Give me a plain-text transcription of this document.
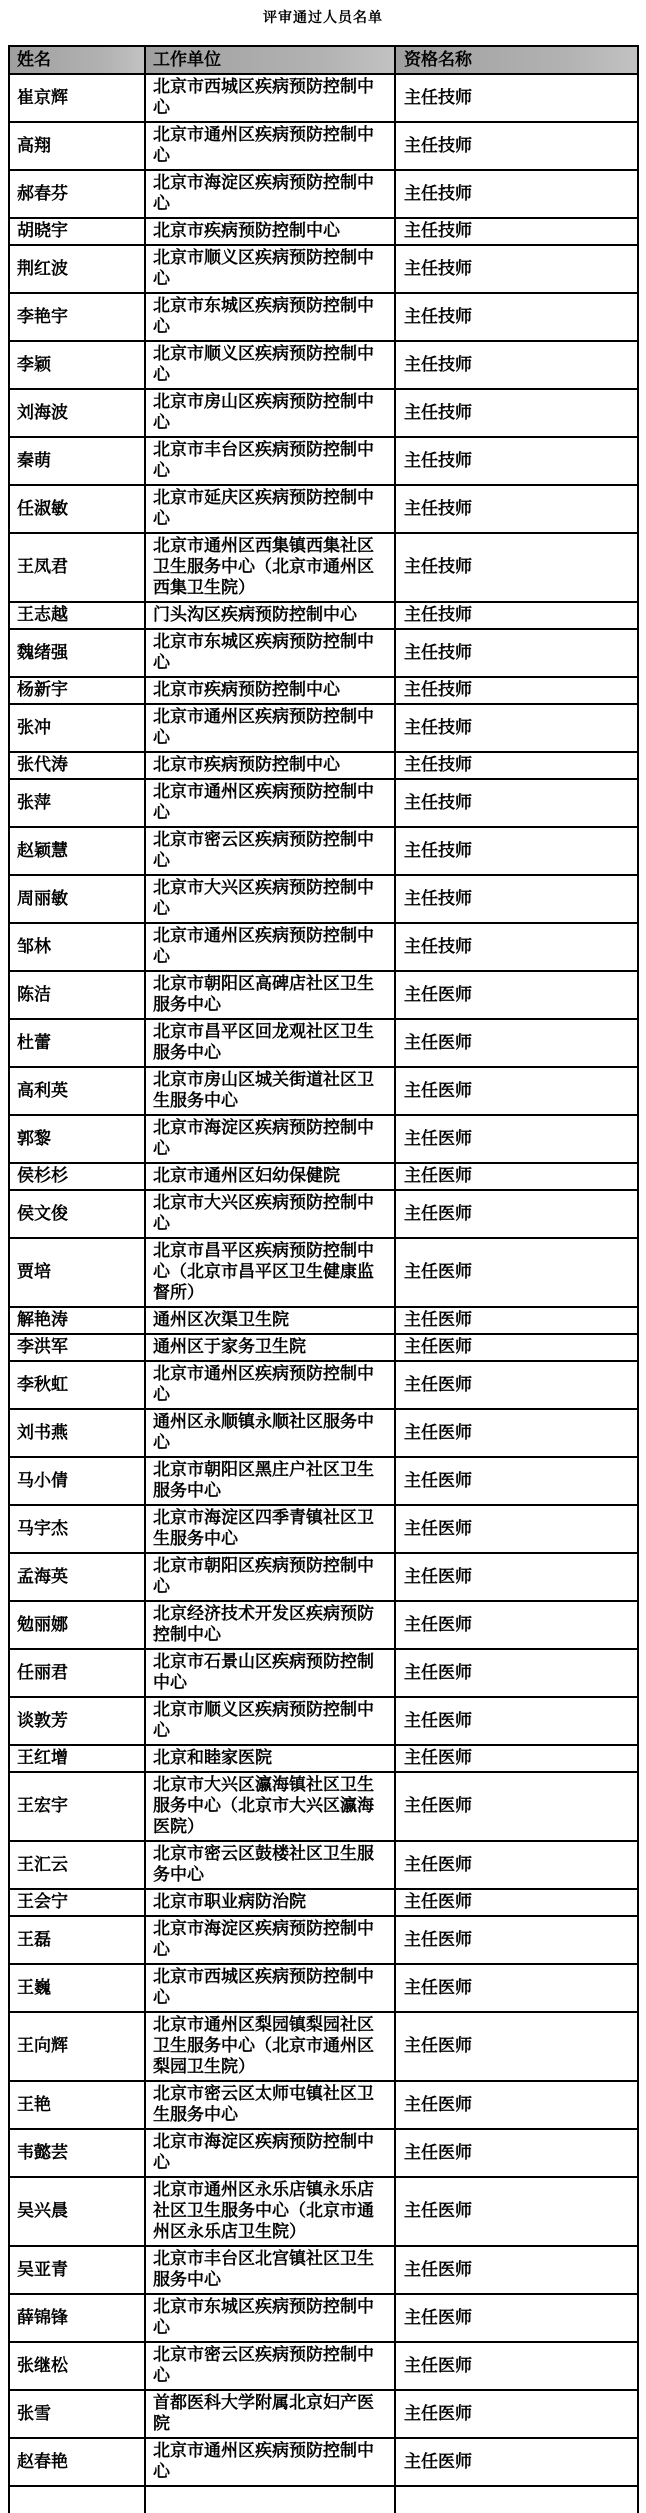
评审通过人员名单
姓名	工作单位	资格名称
崔京辉	北京市西城区疾病预防控制中心	主任技师
高翔	北京市通州区疾病预防控制中心	主任技师
郝春芬	北京市海淀区疾病预防控制中心	主任技师
胡晓宇	北京市疾病预防控制中心	主任技师
荆红波	北京市顺义区疾病预防控制中心	主任技师
李艳宇	北京市东城区疾病预防控制中心	主任技师
李颖	北京市顺义区疾病预防控制中心	主任技师
刘海波	北京市房山区疾病预防控制中心	主任技师
秦萌	北京市丰台区疾病预防控制中心	主任技师
任淑敏	北京市延庆区疾病预防控制中心	主任技师
王凤君	北京市通州区西集镇西集社区卫生服务中心（北京市通州区西集卫生院）	主任技师
王志越	门头沟区疾病预防控制中心	主任技师
魏绪强	北京市东城区疾病预防控制中心	主任技师
杨新宇	北京市疾病预防控制中心	主任技师
张冲	北京市通州区疾病预防控制中心	主任技师
张代涛	北京市疾病预防控制中心	主任技师
张萍	北京市通州区疾病预防控制中心	主任技师
赵颖慧	北京市密云区疾病预防控制中心	主任技师
周丽敏	北京市大兴区疾病预防控制中心	主任技师
邹林	北京市通州区疾病预防控制中心	主任技师
陈洁	北京市朝阳区高碑店社区卫生服务中心	主任医师
杜蕾	北京市昌平区回龙观社区卫生服务中心	主任医师
高利英	北京市房山区城关街道社区卫生服务中心	主任医师
郭黎	北京市海淀区疾病预防控制中心	主任医师
侯杉杉	北京市通州区妇幼保健院	主任医师
侯文俊	北京市大兴区疾病预防控制中心	主任医师
贾培	北京市昌平区疾病预防控制中心（北京市昌平区卫生健康监督所）	主任医师
解艳涛	通州区次渠卫生院	主任医师
李洪军	通州区于家务卫生院	主任医师
李秋虹	北京市通州区疾病预防控制中心	主任医师
刘书燕	通州区永顺镇永顺社区服务中心	主任医师
马小倩	北京市朝阳区黑庄户社区卫生服务中心	主任医师
马宇杰	北京市海淀区四季青镇社区卫生服务中心	主任医师
孟海英	北京市朝阳区疾病预防控制中心	主任医师
勉丽娜	北京经济技术开发区疾病预防控制中心	主任医师
任丽君	北京市石景山区疾病预防控制中心	主任医师
谈敦芳	北京市顺义区疾病预防控制中心	主任医师
王红增	北京和睦家医院	主任医师
王宏宇	北京市大兴区瀛海镇社区卫生服务中心（北京市大兴区瀛海医院）	主任医师
王汇云	北京市密云区鼓楼社区卫生服务中心	主任医师
王会宁	北京市职业病防治院	主任医师
王磊	北京市海淀区疾病预防控制中心	主任医师
王巍	北京市西城区疾病预防控制中心	主任医师
王向辉	北京市通州区梨园镇梨园社区卫生服务中心（北京市通州区梨园卫生院）	主任医师
王艳	北京市密云区太师屯镇社区卫生服务中心	主任医师
韦懿芸	北京市海淀区疾病预防控制中心	主任医师
吴兴晨	北京市通州区永乐店镇永乐店社区卫生服务中心（北京市通州区永乐店卫生院）	主任医师
吴亚青	北京市丰台区北宫镇社区卫生服务中心	主任医师
薛锦锋	北京市东城区疾病预防控制中心	主任医师
张继松	北京市密云区疾病预防控制中心	主任医师
张雪	首都医科大学附属北京妇产医院	主任医师
赵春艳	北京市通州区疾病预防控制中心	主任医师
